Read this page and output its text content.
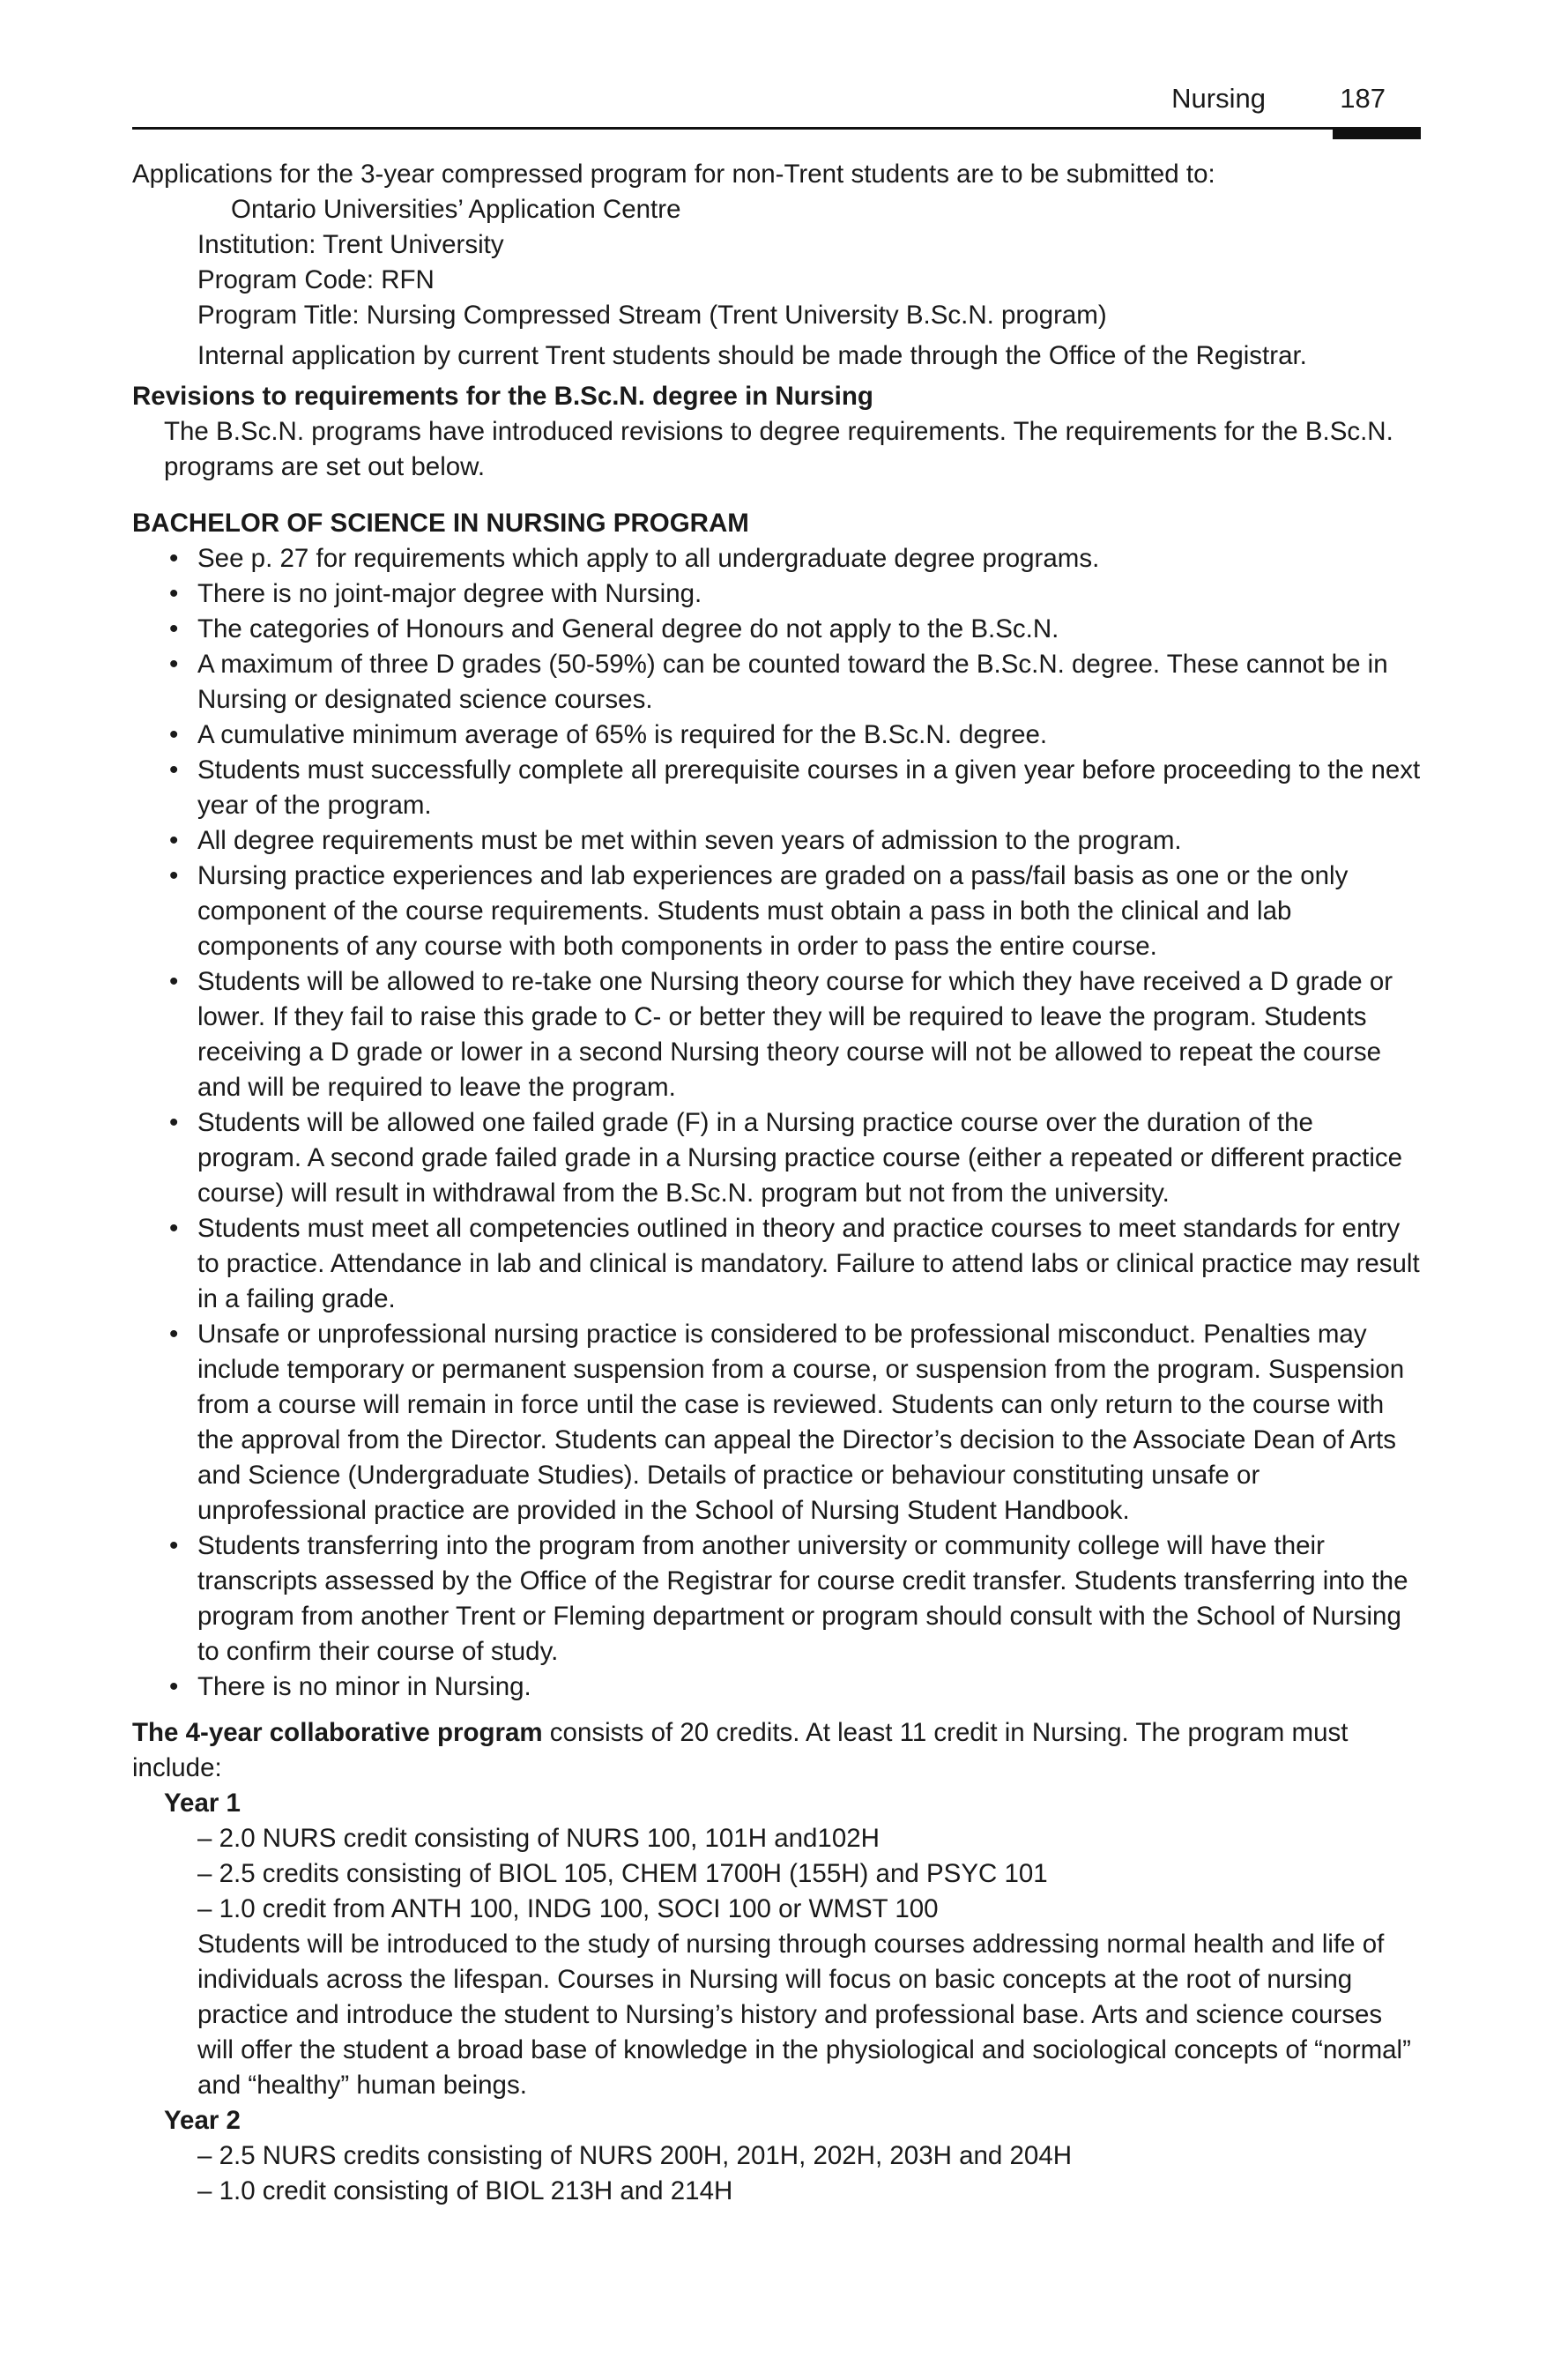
Nursing	187

Applications for the 3-year compressed program for non-Trent students are to be submitted to:

Ontario Universities’ Application Centre

Institution: Trent University

Program Code: RFN

Program Title: Nursing Compressed Stream (Trent University B.Sc.N. program)

Internal application by current Trent students should be made through the Office of the Registrar.

Revisions to requirements for the B.Sc.N. degree in Nursing

The B.Sc.N. programs have introduced revisions to degree requirements. The requirements for the B.Sc.N. programs are set out below.

BACHELOR OF SCIENCE IN NURSING PROGRAM

• See p. 27 for requirements which apply to all undergraduate degree programs.
• There is no joint-major degree with Nursing.
• The categories of Honours and General degree do not apply to the B.Sc.N.
• A maximum of three D grades (50-59%) can be counted toward the B.Sc.N. degree. These cannot be in Nursing or designated science courses.
• A cumulative minimum average of 65% is required for the B.Sc.N. degree.
• Students must successfully complete all prerequisite courses in a given year before proceeding to the next year of the program.
• All degree requirements must be met within seven years of admission to the program.
• Nursing practice experiences and lab experiences are graded on a pass/fail basis as one or the only component of the course requirements. Students must obtain a pass in both the clinical and lab components of any course with both components in order to pass the entire course.
• Students will be allowed to re-take one Nursing theory course for which they have received a D grade or lower. If they fail to raise this grade to C- or better they will be required to leave the program. Students receiving a D grade or lower in a second Nursing theory course will not be allowed to repeat the course and will be required to leave the program.
• Students will be allowed one failed grade (F) in a Nursing practice course over the duration of the program. A second grade failed grade in a Nursing practice course (either a repeated or different practice course) will result in withdrawal from the B.Sc.N. program but not from the university.
• Students must meet all competencies outlined in theory and practice courses to meet standards for entry to practice. Attendance in lab and clinical is mandatory. Failure to attend labs or clinical practice may result in a failing grade.
• Unsafe or unprofessional nursing practice is considered to be professional misconduct. Penalties may include temporary or permanent suspension from a course, or suspension from the program. Suspension from a course will remain in force until the case is reviewed. Students can only return to the course with the approval from the Director. Students can appeal the Director’s decision to the Associate Dean of Arts and Science (Undergraduate Studies). Details of practice or behaviour constituting unsafe or unprofessional practice are provided in the School of Nursing Student Handbook.
• Students transferring into the program from another university or community college will have their transcripts assessed by the Office of the Registrar for course credit transfer. Students transferring into the program from another Trent or Fleming department or program should consult with the School of Nursing to confirm their course of study.
• There is no minor in Nursing.

The 4-year collaborative program consists of 20 credits. At least 11 credit in Nursing. The program must include:

Year 1

– 2.0 NURS credit consisting of NURS 100, 101H and102H

– 2.5 credits consisting of BIOL 105, CHEM 1700H (155H) and PSYC 101

– 1.0 credit from ANTH 100, INDG 100, SOCI 100 or WMST 100

Students will be introduced to the study of nursing through courses addressing normal health and life of individuals across the lifespan. Courses in Nursing will focus on basic concepts at the root of nursing practice and introduce the student to Nursing’s history and professional base. Arts and science courses will offer the student a broad base of knowledge in the physiological and sociological concepts of “normal” and “healthy” human beings.

Year 2

– 2.5 NURS credits consisting of NURS 200H, 201H, 202H, 203H and 204H

– 1.0 credit consisting of BIOL 213H and 214H
